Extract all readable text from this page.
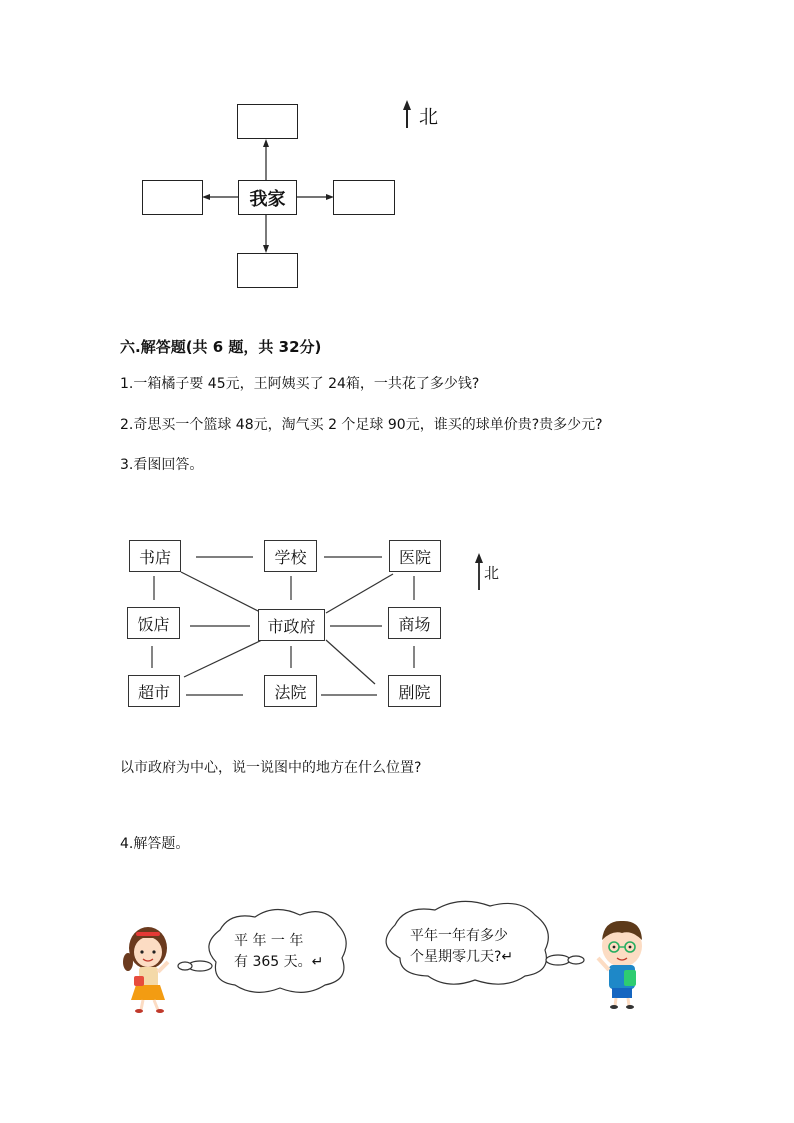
我家
北
六.解答题(共 6 题，共 32分)
1.一箱橘子要 45元，王阿姨买了 24箱，一共花了多少钱?
2.奇思买一个篮球 48元，淘气买 2 个足球 90元，谁买的球单价贵?贵多少元?
3.看图回答。
书店	学校	医院
饭店	市政府	商场
超市	法院	剧院
北
以市政府为中心，说一说图中的地方在什么位置?
4.解答题。
平 年 一 年
有 365 天。↵
平年一年有多少
个星期零几天?↵
